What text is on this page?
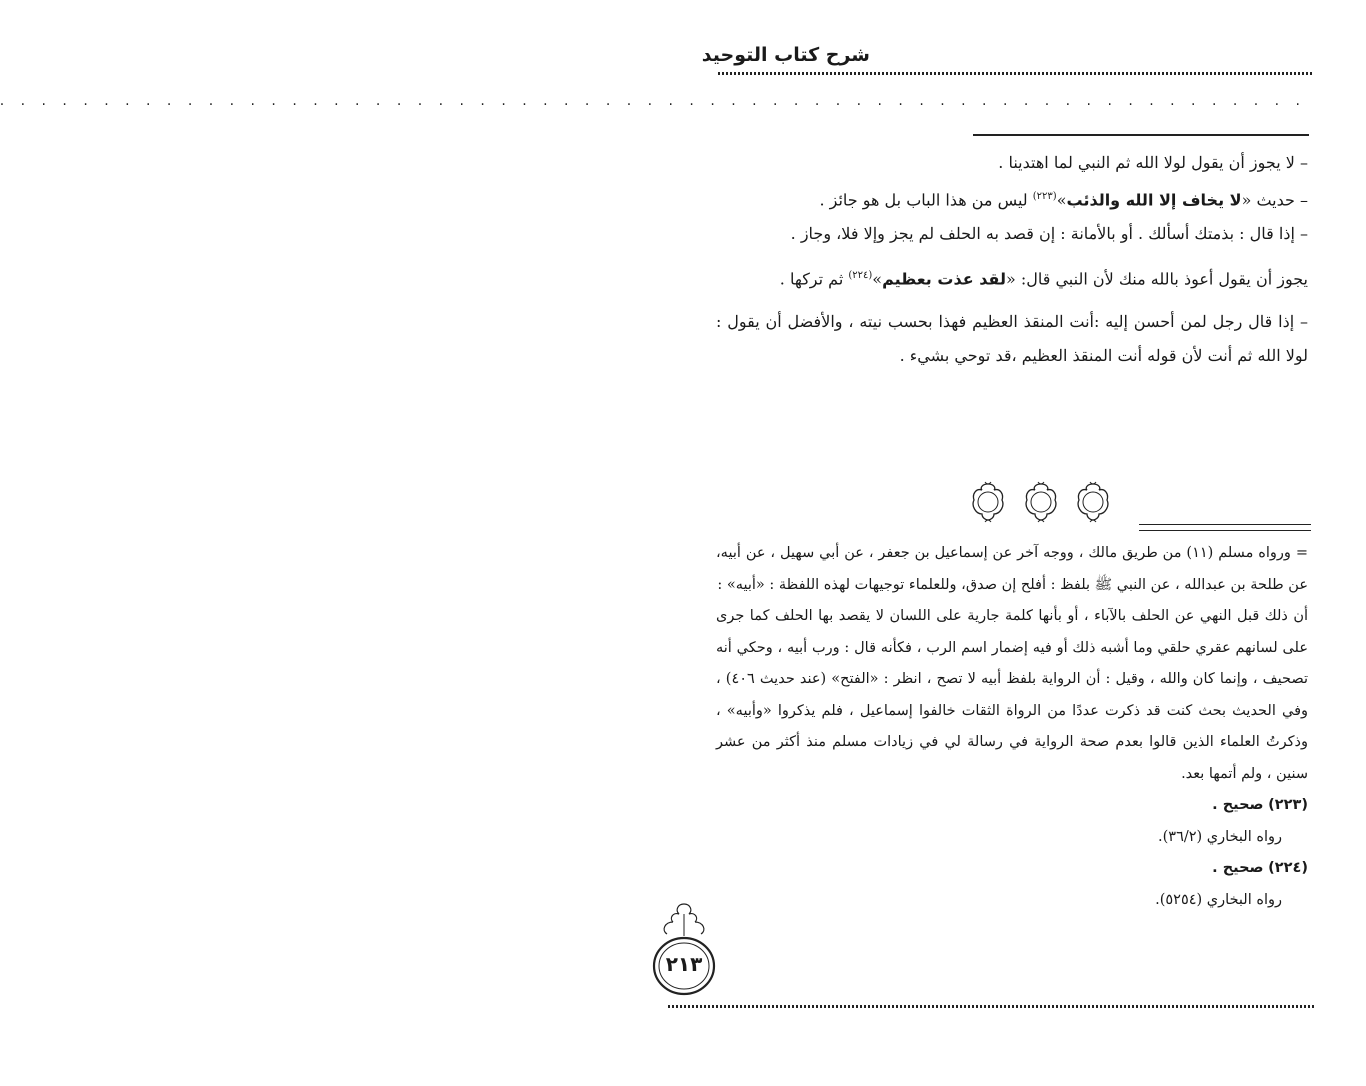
شرح كتاب التوحيد
. . . . . . . . . . . . . . . . . . . . . . . . . . . . . . . . . . . . . . . . . . . . . . . . . . . . . . . . . . . . . . .

– لا يجوز أن يقول لولا الله ثم النبي لما اهتدينا .

– حديث «لا يخاف إلا الله والذئب»$^{(٢٢٣)}$ ليس من هذا الباب بل هو جائز .

– إذا قال : بذمتك أسألك . أو بالأمانة : إن قصد به الحلف لم يجز وإلا فلا، وجاز .

يجوز أن يقول أعوذ بالله منك لأن النبي قال: «لقد عذت بعظيم»$^{(٢٢٤)}$ ثم تركها .

– إذا قال رجل لمن أحسن إليه :أنت المنقذ العظيم فهذا بحسب نيته ، والأفضل أن يقول : لولا الله ثم أنت لأن قوله أنت المنقذ العظيم ،قد توحي بشيء .

= ورواه مسلم (١١) من طريق مالك ، ووجه آخر عن إسماعيل بن جعفر ، عن أبي سهيل ، عن أبيه، عن طلحة بن عبدالله ، عن النبي ﷺ بلفظ : أفلح إن صدق، وللعلماء توجيهات لهذه اللفظة : «أبيه» :

أن ذلك قبل النهي عن الحلف بالآباء ، أو بأنها كلمة جارية على اللسان لا يقصد بها الحلف كما جرى على لسانهم عقري حلقي وما أشبه ذلك أو فيه إضمار اسم الرب ، فكأنه قال : ورب أبيه ، وحكي أنه تصحيف ، وإنما كان والله ، وقيل : أن الرواية بلفظ أبيه لا تصح ، انظر : «الفتح» (عند حديث ٤٠٦) ، وفي الحديث بحث كنت قد ذكرت عددًا من الرواة الثقات خالفوا إسماعيل ، فلم يذكروا «وأبيه» ، وذكرتُ العلماء الذين قالوا بعدم صحة الرواية في رسالة لي في زيادات مسلم منذ أكثر من عشر سنين ، ولم أتمها بعد.

(٢٢٣) صحيح .

رواه البخاري (٣٦/٢).

(٢٢٤) صحيح .

رواه البخاري (٥٢٥٤).

٢١٣
